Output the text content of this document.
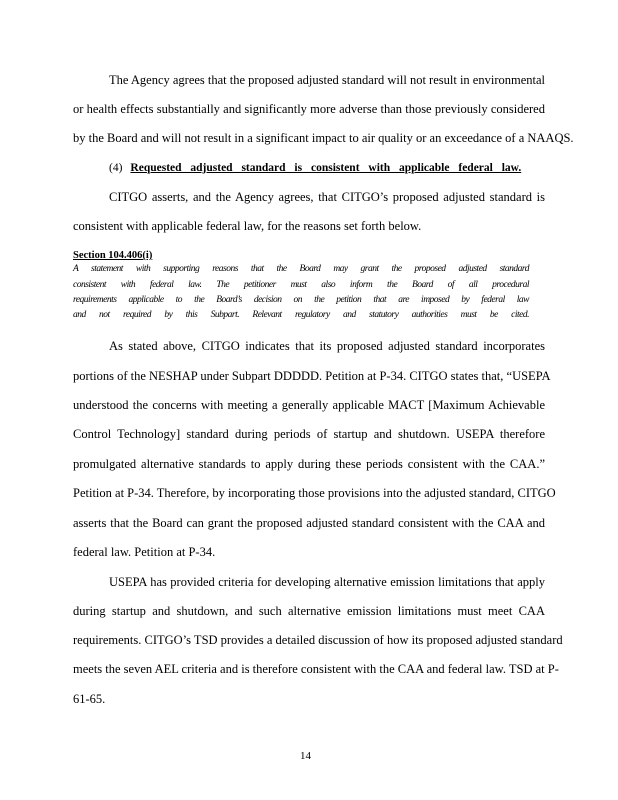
The Agency agrees that the proposed adjusted standard will not result in environmental
or health effects substantially and significantly more adverse than those previously considered
by the Board and will not result in a significant impact to air quality or an exceedance of a NAAQS.
(4) Requested adjusted standard is consistent with applicable federal law.
CITGO asserts, and the Agency agrees, that CITGO’s proposed adjusted standard is
consistent with applicable federal law, for the reasons set forth below.
Section 104.406(i)
A statement with supporting reasons that the Board may grant the proposed adjusted standard
consistent with federal law. The petitioner must also inform the Board of all procedural
requirements applicable to the Board’s decision on the petition that are imposed by federal law
and not required by this Subpart. Relevant regulatory and statutory authorities must be cited.
As stated above, CITGO indicates that its proposed adjusted standard incorporates
portions of the NESHAP under Subpart DDDDD. Petition at P-34. CITGO states that, “USEPA
understood the concerns with meeting a generally applicable MACT [Maximum Achievable
Control Technology] standard during periods of startup and shutdown. USEPA therefore
promulgated alternative standards to apply during these periods consistent with the CAA.”
Petition at P-34. Therefore, by incorporating those provisions into the adjusted standard, CITGO
asserts that the Board can grant the proposed adjusted standard consistent with the CAA and
federal law. Petition at P-34.
USEPA has provided criteria for developing alternative emission limitations that apply
during startup and shutdown, and such alternative emission limitations must meet CAA
requirements. CITGO’s TSD provides a detailed discussion of how its proposed adjusted standard
meets the seven AEL criteria and is therefore consistent with the CAA and federal law. TSD at P-
61-65.
14
